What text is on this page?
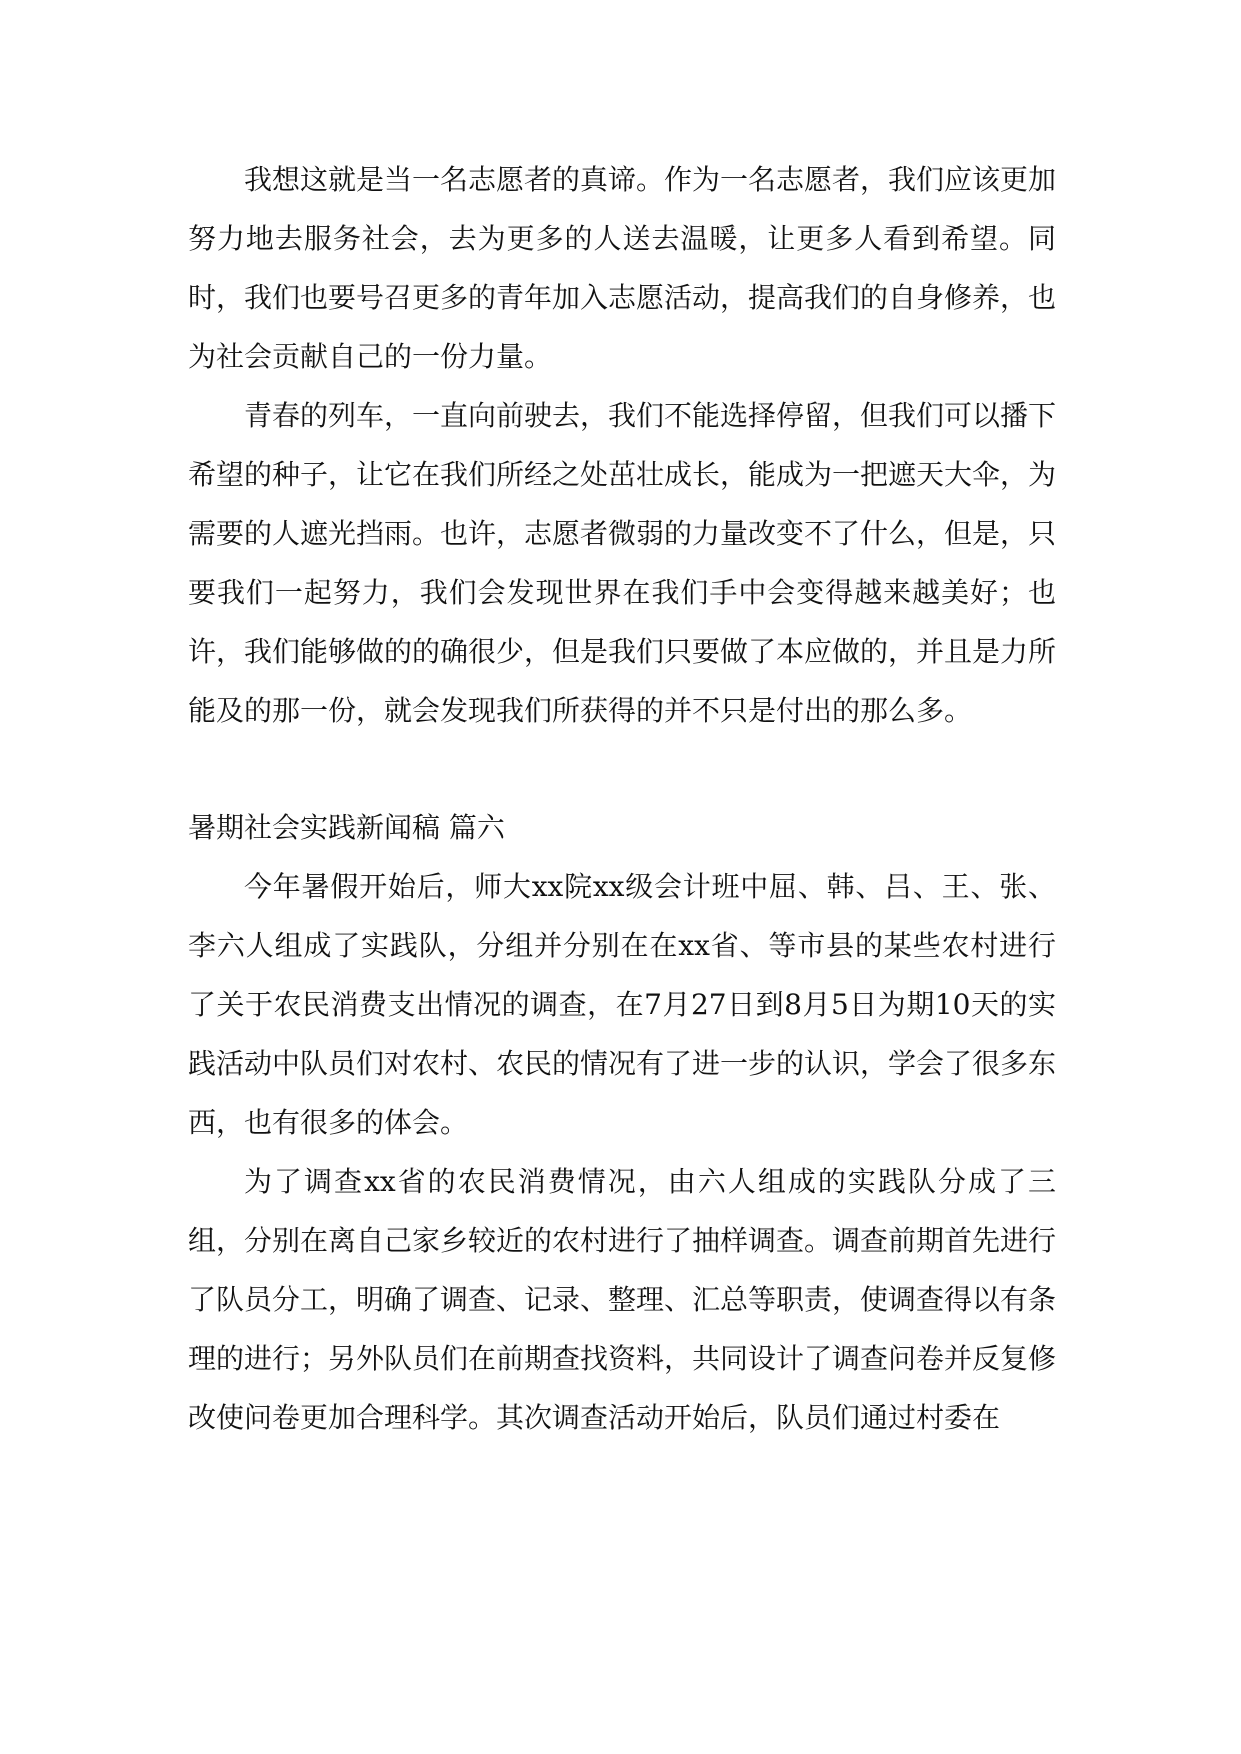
我想这就是当一名志愿者的真谛。作为一名志愿者，我们应该更加努力地去服务社会，去为更多的人送去温暖，让更多人看到希望。同时，我们也要号召更多的青年加入志愿活动，提高我们的自身修养，也为社会贡献自己的一份力量。

青春的列车，一直向前驶去，我们不能选择停留，但我们可以播下希望的种子，让它在我们所经之处茁壮成长，能成为一把遮天大伞，为需要的人遮光挡雨。也许，志愿者微弱的力量改变不了什么，但是，只要我们一起努力，我们会发现世界在我们手中会变得越来越美好；也许，我们能够做的的确很少，但是我们只要做了本应做的，并且是力所能及的那一份，就会发现我们所获得的并不只是付出的那么多。

暑期社会实践新闻稿 篇六

今年暑假开始后，师大xx院xx级会计班中屈、韩、吕、王、张、李六人组成了实践队，分组并分别在在xx省、等市县的某些农村进行了关于农民消费支出情况的调查，在7月27日到8月5日为期10天的实践活动中队员们对农村、农民的情况有了进一步的认识，学会了很多东西，也有很多的体会。

为了调查xx省的农民消费情况，由六人组成的实践队分成了三组，分别在离自己家乡较近的农村进行了抽样调查。调查前期首先进行了队员分工，明确了调查、记录、整理、汇总等职责，使调查得以有条理的进行；另外队员们在前期查找资料，共同设计了调查问卷并反复修改使问卷更加合理科学。其次调查活动开始后，队员们通过村委在
